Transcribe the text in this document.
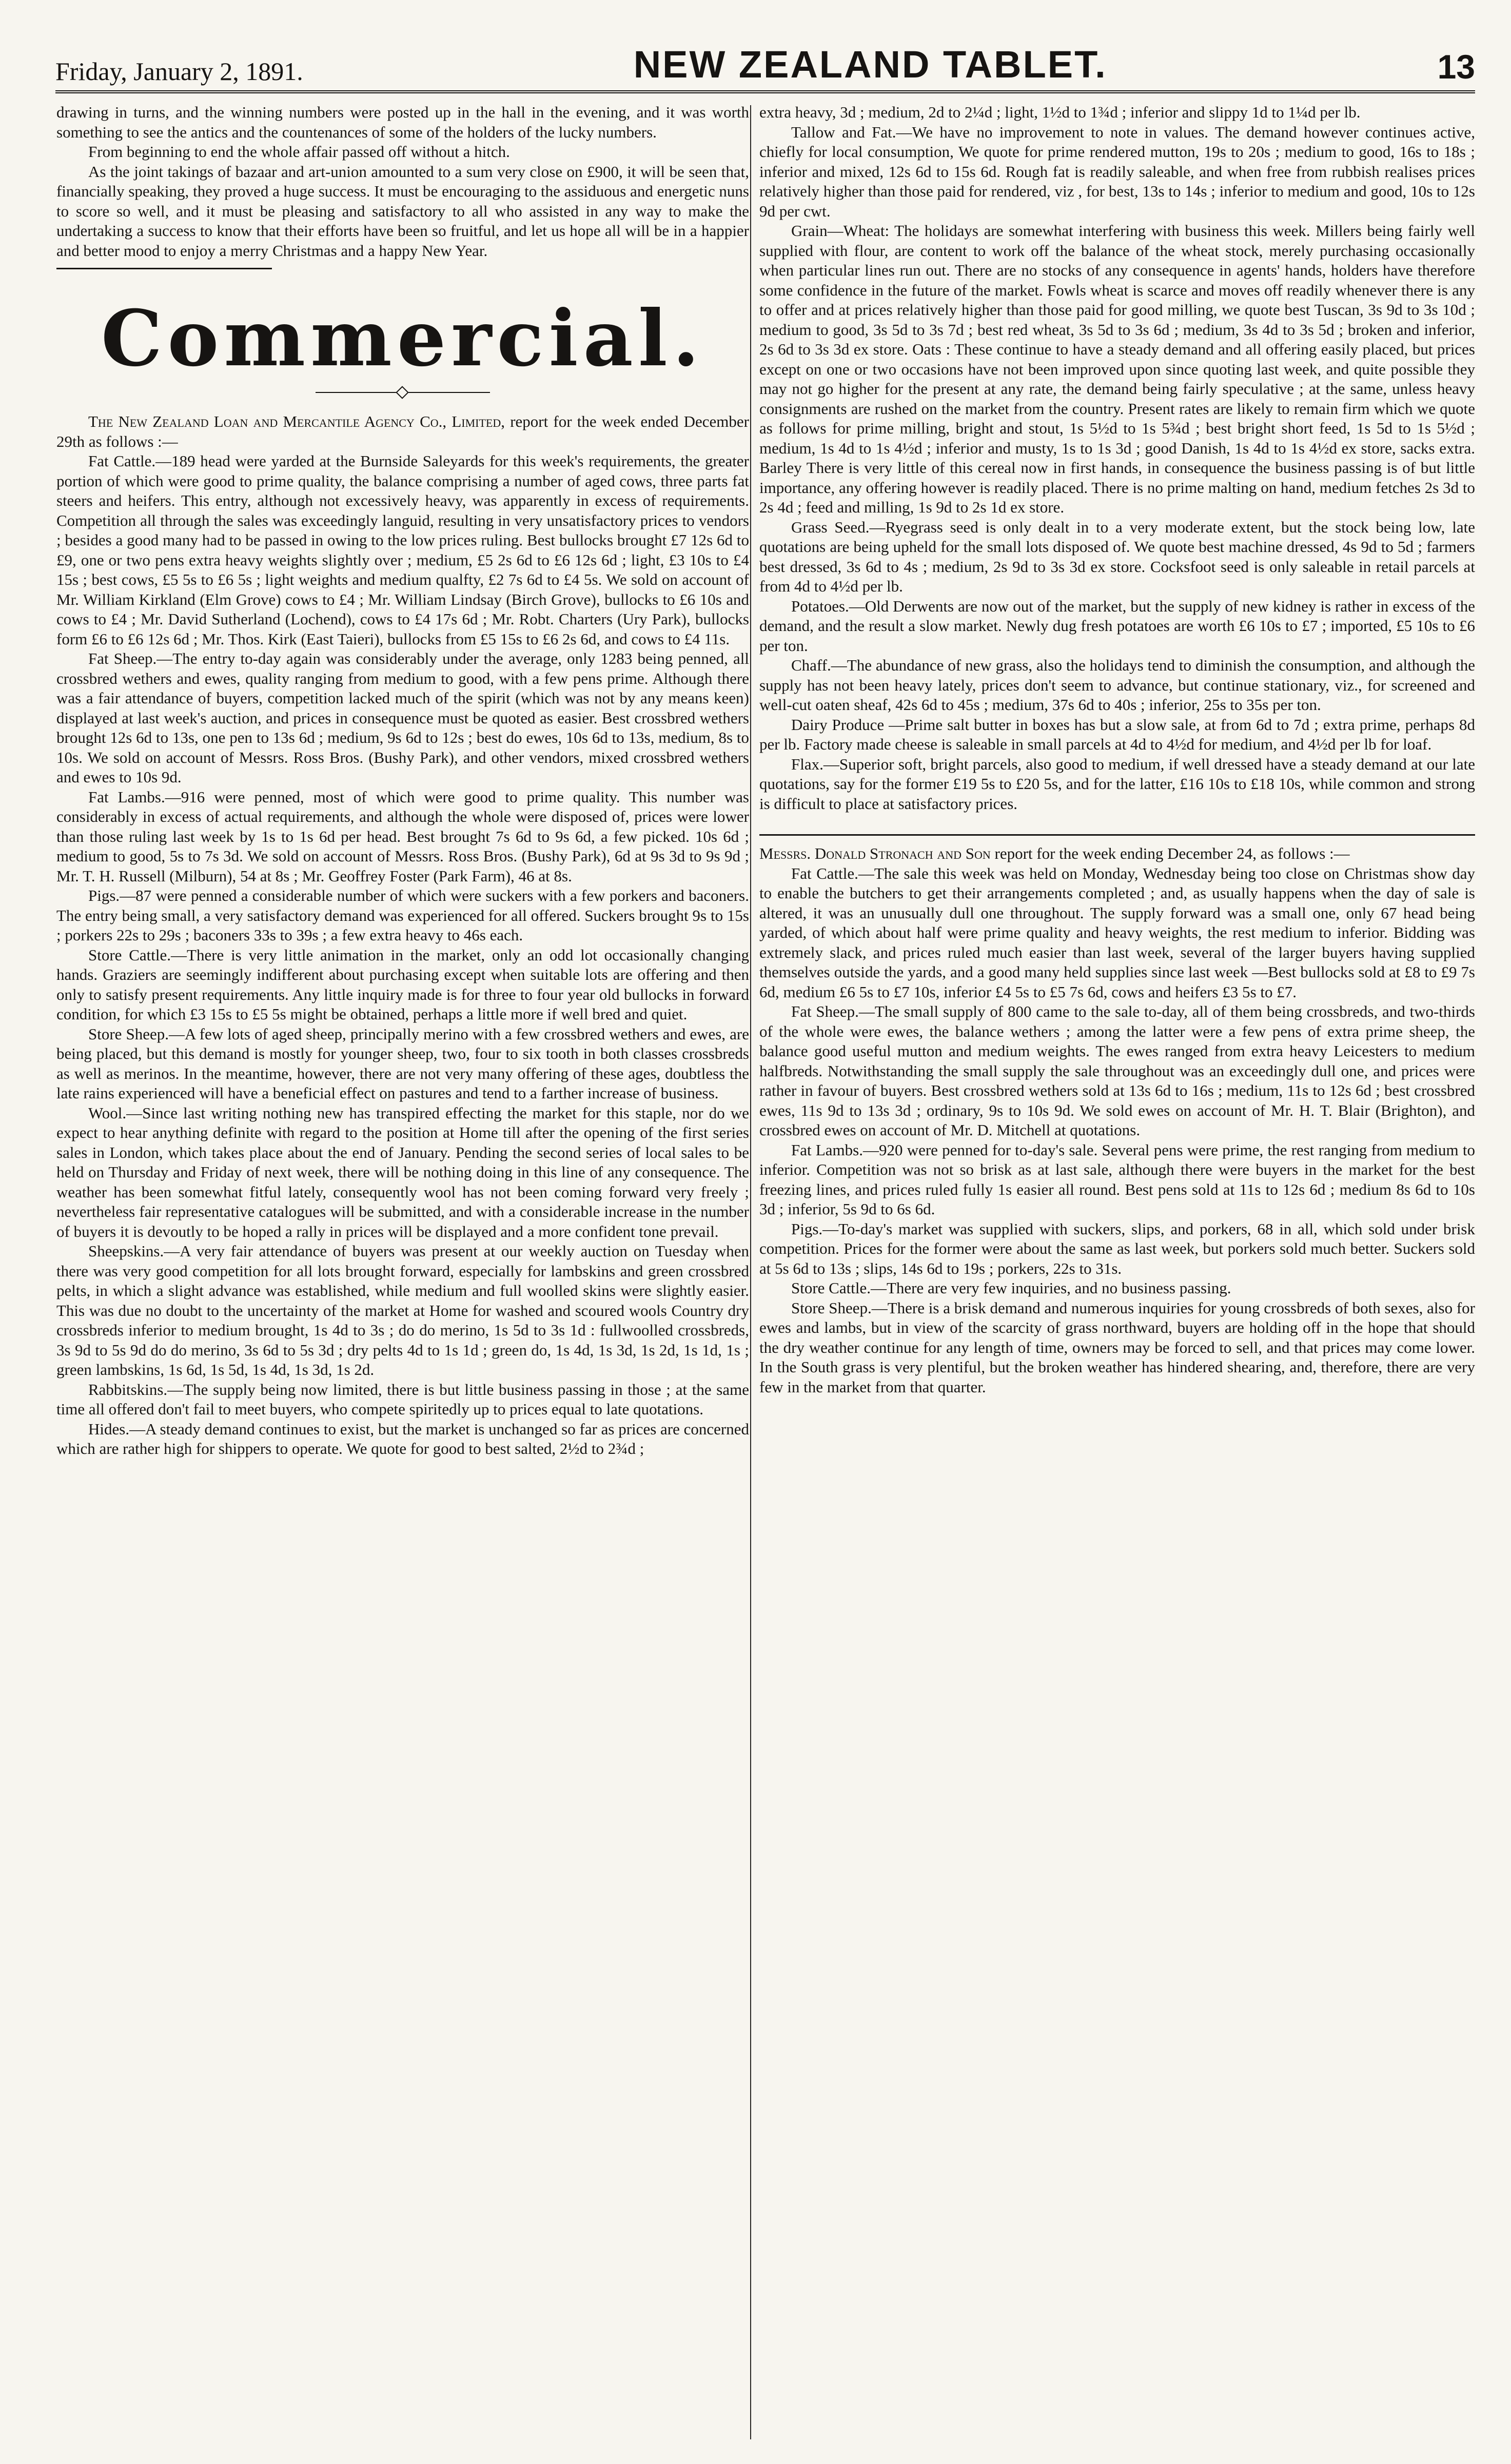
Friday, January 2, 1891.	NEW ZEALAND TABLET.	13

drawing in turns, and the winning numbers were posted up in the hall in the evening, and it was worth something to see the antics and the countenances of some of the holders of the lucky numbers.

From beginning to end the whole affair passed off without a hitch.

As the joint takings of bazaar and art-union amounted to a sum very close on £900, it will be seen that, financially speaking, they proved a huge success. It must be encouraging to the assiduous and energetic nuns to score so well, and it must be pleasing and satisfactory to all who assisted in any way to make the undertaking a success to know that their efforts have been so fruitful, and let us hope all will be in a happier and better mood to enjoy a merry Christmas and a happy New Year.

Commercial.

The New Zealand Loan and Mercantile Agency Co., Limited, report for the week ended December 29th as follows :—

Fat Cattle.—189 head were yarded at the Burnside Saleyards for this week's requirements, the greater portion of which were good to prime quality, the balance comprising a number of aged cows, three parts fat steers and heifers. This entry, although not excessively heavy, was apparently in excess of requirements. Competition all through the sales was exceedingly languid, resulting in very unsatisfactory prices to vendors ; besides a good many had to be passed in owing to the low prices ruling. Best bullocks brought £7 12s 6d to £9, one or two pens extra heavy weights slightly over ; medium, £5 2s 6d to £6 12s 6d ; light, £3 10s to £4 15s ; best cows, £5 5s to £6 5s ; light weights and medium qualfty, £2 7s 6d to £4 5s. We sold on account of Mr. William Kirkland (Elm Grove) cows to £4 ; Mr. William Lindsay (Birch Grove), bullocks to £6 10s and cows to £4 ; Mr. David Sutherland (Lochend), cows to £4 17s 6d ; Mr. Robt. Charters (Ury Park), bullocks form £6 to £6 12s 6d ; Mr. Thos. Kirk (East Taieri), bullocks from £5 15s to £6 2s 6d, and cows to £4 11s.

Fat Sheep.—The entry to-day again was considerably under the average, only 1283 being penned, all crossbred wethers and ewes, quality ranging from medium to good, with a few pens prime. Although there was a fair attendance of buyers, competition lacked much of the spirit (which was not by any means keen) displayed at last week's auction, and prices in consequence must be quoted as easier. Best crossbred wethers brought 12s 6d to 13s, one pen to 13s 6d ; medium, 9s 6d to 12s ; best do ewes, 10s 6d to 13s, medium, 8s to 10s. We sold on account of Messrs. Ross Bros. (Bushy Park), and other vendors, mixed crossbred wethers and ewes to 10s 9d.

Fat Lambs.—916 were penned, most of which were good to prime quality. This number was considerably in excess of actual requirements, and although the whole were disposed of, prices were lower than those ruling last week by 1s to 1s 6d per head. Best brought 7s 6d to 9s 6d, a few picked. 10s 6d ; medium to good, 5s to 7s 3d. We sold on account of Messrs. Ross Bros. (Bushy Park), 6d at 9s 3d to 9s 9d ; Mr. T. H. Russell (Milburn), 54 at 8s ; Mr. Geoffrey Foster (Park Farm), 46 at 8s.

Pigs.—87 were penned a considerable number of which were suckers with a few porkers and baconers. The entry being small, a very satisfactory demand was experienced for all offered. Suckers brought 9s to 15s ; porkers 22s to 29s ; baconers 33s to 39s ; a few extra heavy to 46s each.

Store Cattle.—There is very little animation in the market, only an odd lot occasionally changing hands. Graziers are seemingly indifferent about purchasing except when suitable lots are offering and then only to satisfy present requirements. Any little inquiry made is for three to four year old bullocks in forward condition, for which £3 15s to £5 5s might be obtained, perhaps a little more if well bred and quiet.

Store Sheep.—A few lots of aged sheep, principally merino with a few crossbred wethers and ewes, are being placed, but this demand is mostly for younger sheep, two, four to six tooth in both classes crossbreds as well as merinos. In the meantime, however, there are not very many offering of these ages, doubtless the late rains experienced will have a beneficial effect on pastures and tend to a farther increase of business.

Wool.—Since last writing nothing new has transpired effecting the market for this staple, nor do we expect to hear anything definite with regard to the position at Home till after the opening of the first series sales in London, which takes place about the end of January. Pending the second series of local sales to be held on Thursday and Friday of next week, there will be nothing doing in this line of any consequence. The weather has been somewhat fitful lately, consequently wool has not been coming forward very freely ; nevertheless fair representative catalogues will be submitted, and with a considerable increase in the number of buyers it is devoutly to be hoped a rally in prices will be displayed and a more confident tone prevail.

Sheepskins.—A very fair attendance of buyers was present at our weekly auction on Tuesday when there was very good competition for all lots brought forward, especially for lambskins and green crossbred pelts, in which a slight advance was established, while medium and full woolled skins were slightly easier. This was due no doubt to the uncertainty of the market at Home for washed and scoured wools Country dry crossbreds inferior to medium brought, 1s 4d to 3s ; do do merino, 1s 5d to 3s 1d : fullwoolled crossbreds, 3s 9d to 5s 9d do do merino, 3s 6d to 5s 3d ; dry pelts 4d to 1s 1d ; green do, 1s 4d, 1s 3d, 1s 2d, 1s 1d, 1s ; green lambskins, 1s 6d, 1s 5d, 1s 4d, 1s 3d, 1s 2d.

Rabbitskins.—The supply being now limited, there is but little business passing in those ; at the same time all offered don't fail to meet buyers, who compete spiritedly up to prices equal to late quotations.

Hides.—A steady demand continues to exist, but the market is unchanged so far as prices are concerned which are rather high for shippers to operate. We quote for good to best salted, 2½d to 2¾d ;

extra heavy, 3d ; medium, 2d to 2¼d ; light, 1½d to 1¾d ; inferior and slippy 1d to 1¼d per lb.

Tallow and Fat.—We have no improvement to note in values. The demand however continues active, chiefly for local consumption, We quote for prime rendered mutton, 19s to 20s ; medium to good, 16s to 18s ; inferior and mixed, 12s 6d to 15s 6d. Rough fat is readily saleable, and when free from rubbish realises prices relatively higher than those paid for rendered, viz , for best, 13s to 14s ; inferior to medium and good, 10s to 12s 9d per cwt.

Grain—Wheat: The holidays are somewhat interfering with business this week. Millers being fairly well supplied with flour, are content to work off the balance of the wheat stock, merely purchasing occasionally when particular lines run out. There are no stocks of any consequence in agents' hands, holders have therefore some confidence in the future of the market. Fowls wheat is scarce and moves off readily whenever there is any to offer and at prices relatively higher than those paid for good milling, we quote best Tuscan, 3s 9d to 3s 10d ; medium to good, 3s 5d to 3s 7d ; best red wheat, 3s 5d to 3s 6d ; medium, 3s 4d to 3s 5d ; broken and inferior, 2s 6d to 3s 3d ex store. Oats : These continue to have a steady demand and all offering easily placed, but prices except on one or two occasions have not been improved upon since quoting last week, and quite possible they may not go higher for the present at any rate, the demand being fairly speculative ; at the same, unless heavy consignments are rushed on the market from the country. Present rates are likely to remain firm which we quote as follows for prime milling, bright and stout, 1s 5½d to 1s 5¾d ; best bright short feed, 1s 5d to 1s 5½d ; medium, 1s 4d to 1s 4½d ; inferior and musty, 1s to 1s 3d ; good Danish, 1s 4d to 1s 4½d ex store, sacks extra. Barley There is very little of this cereal now in first hands, in consequence the business passing is of but little importance, any offering however is readily placed. There is no prime malting on hand, medium fetches 2s 3d to 2s 4d ; feed and milling, 1s 9d to 2s 1d ex store.

Grass Seed.—Ryegrass seed is only dealt in to a very moderate extent, but the stock being low, late quotations are being upheld for the small lots disposed of. We quote best machine dressed, 4s 9d to 5d ; farmers best dressed, 3s 6d to 4s ; medium, 2s 9d to 3s 3d ex store. Cocksfoot seed is only saleable in retail parcels at from 4d to 4½d per lb.

Potatoes.—Old Derwents are now out of the market, but the supply of new kidney is rather in excess of the demand, and the result a slow market. Newly dug fresh potatoes are worth £6 10s to £7 ; imported, £5 10s to £6 per ton.

Chaff.—The abundance of new grass, also the holidays tend to diminish the consumption, and although the supply has not been heavy lately, prices don't seem to advance, but continue stationary, viz., for screened and well-cut oaten sheaf, 42s 6d to 45s ; medium, 37s 6d to 40s ; inferior, 25s to 35s per ton.

Dairy Produce —Prime salt butter in boxes has but a slow sale, at from 6d to 7d ; extra prime, perhaps 8d per lb. Factory made cheese is saleable in small parcels at 4d to 4½d for medium, and 4½d per lb for loaf.

Flax.—Superior soft, bright parcels, also good to medium, if well dressed have a steady demand at our late quotations, say for the former £19 5s to £20 5s, and for the latter, £16 10s to £18 10s, while common and strong is difficult to place at satisfactory prices.

Messrs. Donald Stronach and Son report for the week ending December 24, as follows :—

Fat Cattle.—The sale this week was held on Monday, Wednesday being too close on Christmas show day to enable the butchers to get their arrangements completed ; and, as usually happens when the day of sale is altered, it was an unusually dull one throughout. The supply forward was a small one, only 67 head being yarded, of which about half were prime quality and heavy weights, the rest medium to inferior. Bidding was extremely slack, and prices ruled much easier than last week, several of the larger buyers having supplied themselves outside the yards, and a good many held supplies since last week —Best bullocks sold at £8 to £9 7s 6d, medium £6 5s to £7 10s, inferior £4 5s to £5 7s 6d, cows and heifers £3 5s to £7.

Fat Sheep.—The small supply of 800 came to the sale to-day, all of them being crossbreds, and two-thirds of the whole were ewes, the balance wethers ; among the latter were a few pens of extra prime sheep, the balance good useful mutton and medium weights. The ewes ranged from extra heavy Leicesters to medium halfbreds. Notwithstanding the small supply the sale throughout was an exceedingly dull one, and prices were rather in favour of buyers. Best crossbred wethers sold at 13s 6d to 16s ; medium, 11s to 12s 6d ; best crossbred ewes, 11s 9d to 13s 3d ; ordinary, 9s to 10s 9d. We sold ewes on account of Mr. H. T. Blair (Brighton), and crossbred ewes on account of Mr. D. Mitchell at quotations.

Fat Lambs.—920 were penned for to-day's sale. Several pens were prime, the rest ranging from medium to inferior. Competition was not so brisk as at last sale, although there were buyers in the market for the best freezing lines, and prices ruled fully 1s easier all round. Best pens sold at 11s to 12s 6d ; medium 8s 6d to 10s 3d ; inferior, 5s 9d to 6s 6d.

Pigs.—To-day's market was supplied with suckers, slips, and porkers, 68 in all, which sold under brisk competition. Prices for the former were about the same as last week, but porkers sold much better. Suckers sold at 5s 6d to 13s ; slips, 14s 6d to 19s ; porkers, 22s to 31s.

Store Cattle.—There are very few inquiries, and no business passing.

Store Sheep.—There is a brisk demand and numerous inquiries for young crossbreds of both sexes, also for ewes and lambs, but in view of the scarcity of grass northward, buyers are holding off in the hope that should the dry weather continue for any length of time, owners may be forced to sell, and that prices may come lower. In the South grass is very plentiful, but the broken weather has hindered shearing, and, therefore, there are very few in the market from that quarter.
